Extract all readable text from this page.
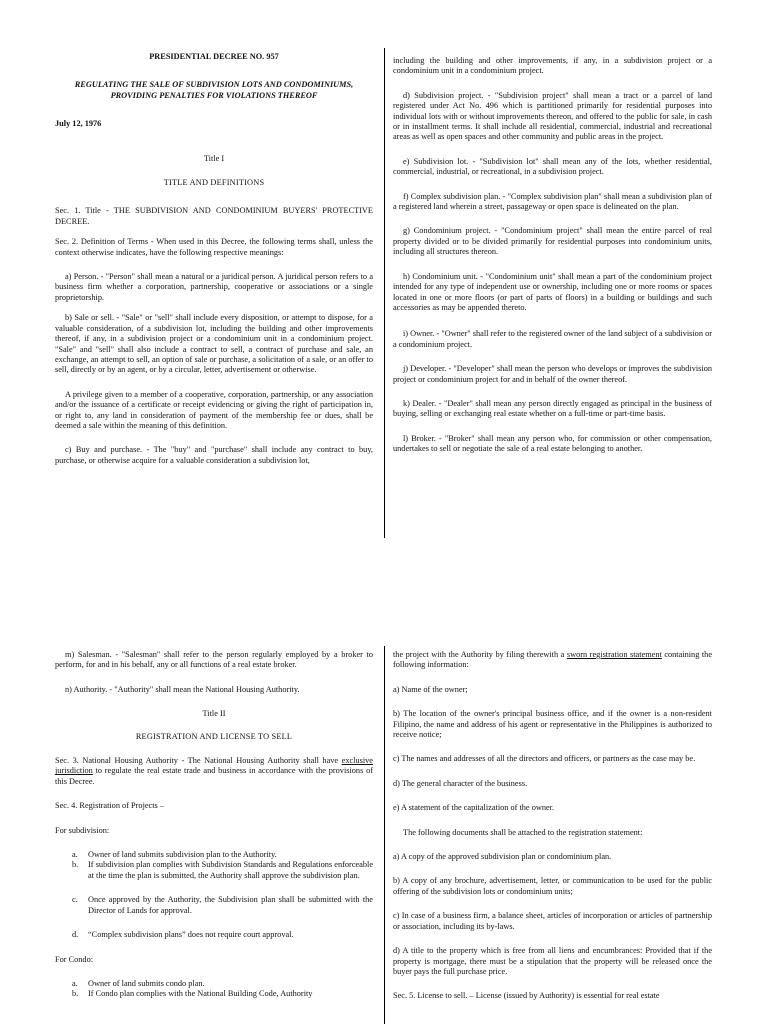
PRESIDENTIAL DECREE NO. 957

REGULATING THE SALE OF SUBDIVISION LOTS AND CONDOMINIUMS, PROVIDING PENALTIES FOR VIOLATIONS THEREOF

July 12, 1976

Title I

TITLE AND DEFINITIONS

Sec. 1. Title - THE SUBDIVISION AND CONDOMINIUM BUYERS' PROTECTIVE DECREE.

Sec. 2. Definition of Terms - When used in this Decree, the following terms shall, unless the context otherwise indicates, have the following respective meanings:

a) Person. - "Person" shall mean a natural or a juridical person. A juridical person refers to a business firm whether a corporation, partnership, cooperative or associations or a single proprietorship.

b) Sale or sell. - "Sale" or "sell" shall include every disposition, or attempt to dispose, for a valuable consideration, of a subdivision lot, including the building and other improvements thereof, if any, in a subdivision project or a condominium unit in a condominium project. "Sale" and "sell" shall also include a contract to sell, a contract of purchase and sale, an exchange, an attempt to sell, an option of sale or purchase, a solicitation of a sale, or an offer to sell, directly or by an agent, or by a circular, letter, advertisement or otherwise.

A privilege given to a member of a cooperative, corporation, partnership, or any association and/or the issuance of a certificate or receipt evidencing or giving the right of participation in, or right to, any land in consideration of payment of the membership fee or dues, shall be deemed a sale within the meaning of this definition.

c) Buy and purchase. - The "buy" and "purchase" shall include any contract to buy, purchase, or otherwise acquire for a valuable consideration a subdivision lot,

including the building and other improvements, if any, in a subdivision project or a condominium unit in a condominium project.

d) Subdivision project. - "Subdivision project" shall mean a tract or a parcel of land registered under Act No. 496 which is partitioned primarily for residential purposes into individual lots with or without improvements thereon, and offered to the public for sale, in cash or in installment terms. It shall include all residential, commercial, industrial and recreational areas as well as open spaces and other community and public areas in the project.

e) Subdivision lot. - "Subdivision lot" shall mean any of the lots, whether residential, commercial, industrial, or recreational, in a subdivision project.

f) Complex subdivision plan. - "Complex subdivision plan" shall mean a subdivision plan of a registered land wherein a street, passageway or open space is delineated on the plan.

g) Condominium project. - "Condominium project" shall mean the entire parcel of real property divided or to be divided primarily for residential purposes into condominium units, including all structures thereon.

h) Condominium unit. - "Condominium unit" shall mean a part of the condominium project intended for any type of independent use or ownership, including one or more rooms or spaces located in one or more floors (or part of parts of floors) in a building or buildings and such accessories as may be appended thereto.

i) Owner. - "Owner" shall refer to the registered owner of the land subject of a subdivision or a condominium project.

j) Developer. - "Developer" shall mean the person who develops or improves the subdivision project or condominium project for and in behalf of the owner thereof.

k) Dealer. - "Dealer" shall mean any person directly engaged as principal in the business of buying, selling or exchanging real estate whether on a full-time or part-time basis.

l) Broker. - "Broker" shall mean any person who, for commission or other compensation, undertakes to sell or negotiate the sale of a real estate belonging to another.

m) Salesman. - "Salesman" shall refer to the person regularly employed by a broker to perform, for and in his behalf, any or all functions of a real estate broker.

n) Authority. - "Authority" shall mean the National Housing Authority.

Title II

REGISTRATION AND LICENSE TO SELL

Sec. 3. National Housing Authority - The National Housing Authority shall have exclusive jurisdiction to regulate the real estate trade and business in accordance with the provisions of this Decree.

Sec. 4. Registration of Projects –

For subdivision:

a. Owner of land submits subdivision plan to the Authority.
b. If subdivision plan complies with Subdivision Standards and Regulations enforceable at the time the plan is submitted, the Authority shall approve the subdivision plan.
c. Once approved by the Authority, the Subdivision plan shall be submitted with the Director of Lands for approval.
d. “Complex subdivision plans” does not require court approval.

For Condo:

a. Owner of land submits condo plan.
b. If Condo plan complies with the National Building Code, Authority

the project with the Authority by filing therewith a sworn registration statement containing the following information:

a) Name of the owner;

b) The location of the owner's principal business office, and if the owner is a non-resident Filipino, the name and address of his agent or representative in the Philippines is authorized to receive notice;

c) The names and addresses of all the directors and officers, or partners as the case may be.

d) The general character of the business.

e) A statement of the capitalization of the owner.

The following documents shall be attached to the registration statement:

a) A copy of the approved subdivision plan or condominium plan.

b) A copy of any brochure, advertisement, letter, or communication to be used for the public offering of the subdivision lots or condominium units;

c) In case of a business firm, a balance sheet, articles of incorporation or articles of partnership or association, including its by-laws.

d) A title to the property which is free from all liens and encumbrances: Provided that if the property is mortgage, there must be a stipulation that the property will be released once the buyer pays the full purchase price.

Sec. 5. License to sell. – License (issued by Authority) is essential for real estate
